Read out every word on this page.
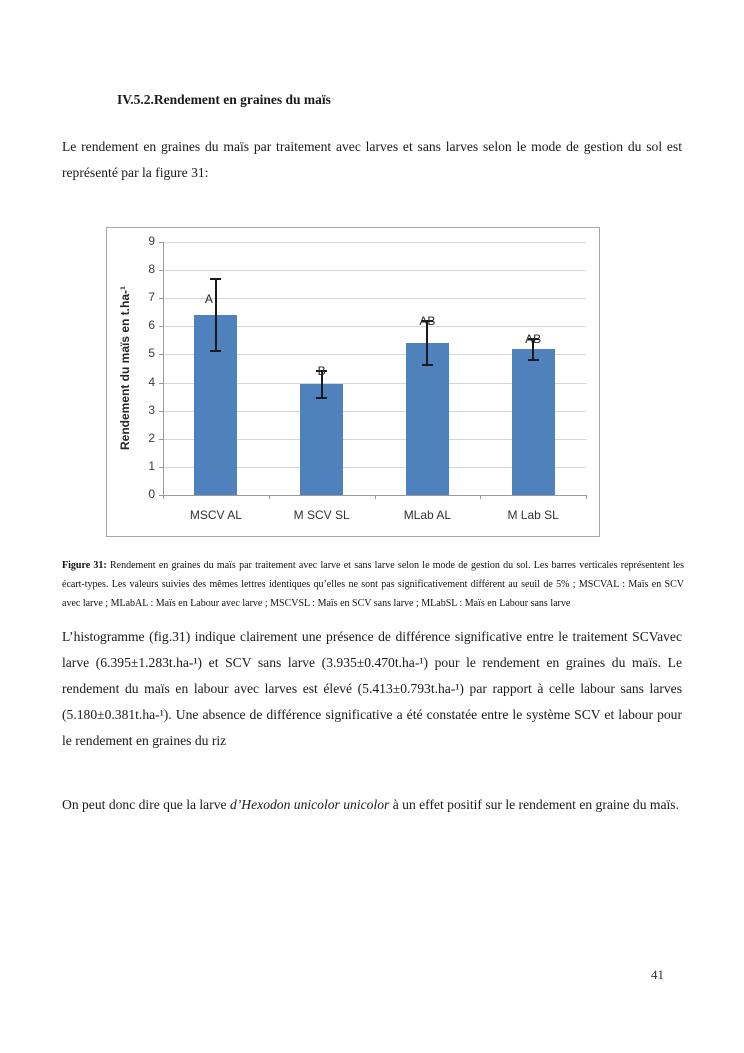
IV.5.2.Rendement en graines du maïs

Le rendement en graines du maïs par traitement avec larves et sans larves selon le mode de gestion du sol est représenté par la figure 31:

Rendement du maïs en t.ha-¹
0
1
2
3
4
5
6
7
8
9
A
MSCV AL
B
M SCV SL
AB
MLab AL
AB
M Lab SL

Figure 31: Rendement en graines du maïs par traitement avec larve et sans larve selon le mode de gestion du sol. Les barres verticales représentent les écart-types. Les valeurs suivies des mêmes lettres identiques qu’elles ne sont pas significativement différent au seuil de 5% ; MSCVAL : Maïs en SCV avec larve ; MLabAL : Maïs en Labour avec larve ; MSCVSL : Maïs en SCV sans larve ; MLabSL : Maïs en Labour sans larve

L’histogramme (fig.31) indique clairement une présence de différence significative entre le traitement SCVavec larve (6.395±1.283t.ha-¹) et SCV sans larve (3.935±0.470t.ha-¹) pour le rendement en graines du maïs. Le rendement du maïs en labour avec larves est élevé (5.413±0.793t.ha-¹) par rapport à celle labour sans larves (5.180±0.381t.ha-¹). Une absence de différence significative a été constatée entre le système SCV et labour pour le rendement en graines du riz

On peut donc dire que la larve d’Hexodon unicolor unicolor à un effet positif sur le rendement en graine du maïs.

41
